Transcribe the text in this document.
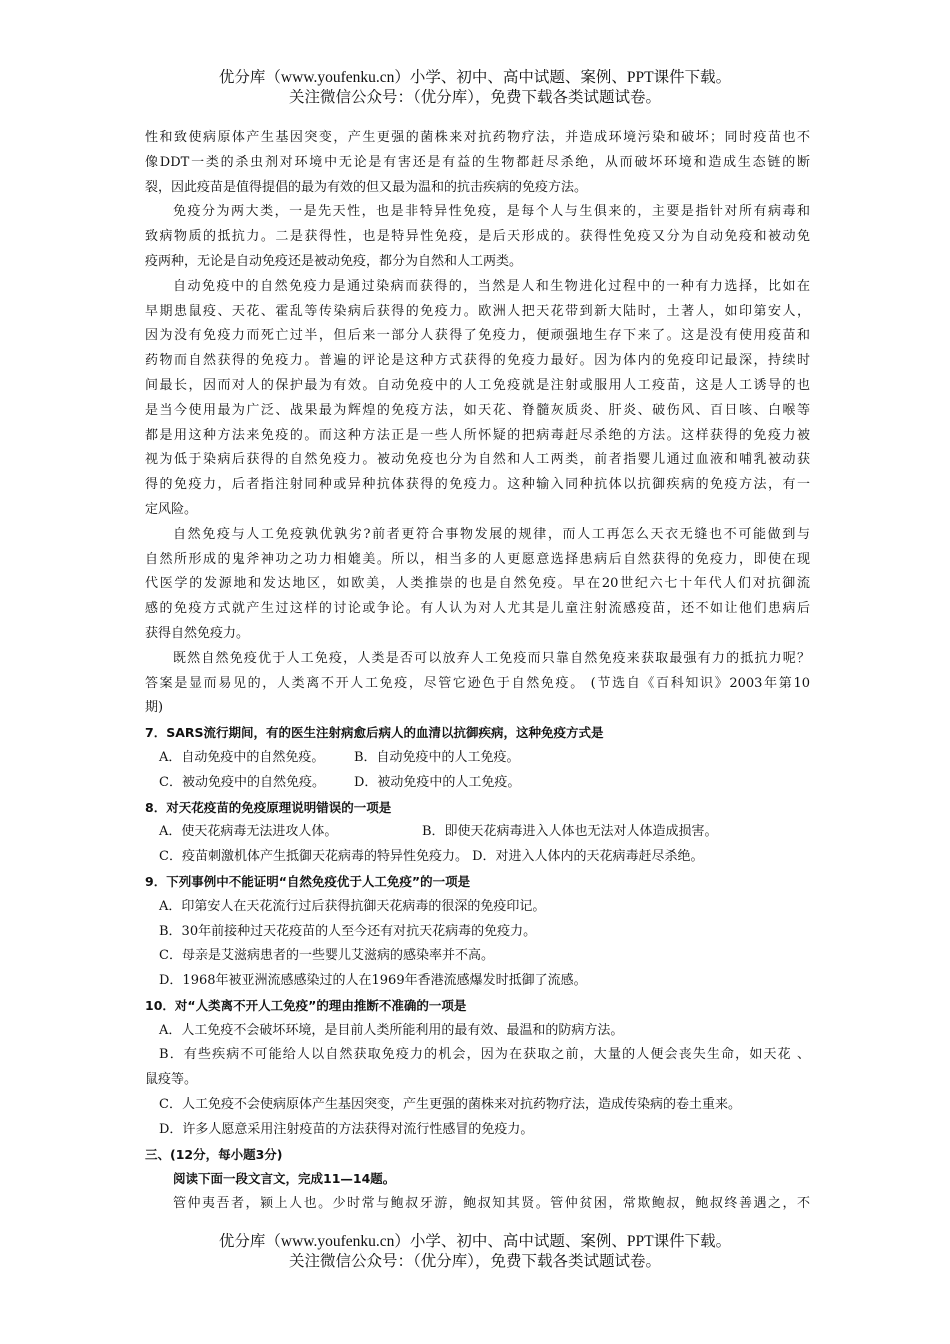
优分库（www.youfenku.cn）小学、初中、高中试题、案例、PPT课件下载。
关注微信公众号：（优分库），免费下载各类试题试卷。
性和致使病原体产生基因突变，产生更强的菌株来对抗药物疗法，并造成环境污染和破坏；同时疫苗也不
像DDT一类的杀虫剂对环境中无论是有害还是有益的生物都赶尽杀绝，从而破坏环境和造成生态链的断
裂，因此疫苗是值得提倡的最为有效的但又最为温和的抗击疾病的免疫方法。
免疫分为两大类，一是先天性，也是非特异性免疫，是每个人与生俱来的，主要是指针对所有病毒和
致病物质的抵抗力。二是获得性，也是特异性免疫，是后天形成的。获得性免疫又分为自动免疫和被动免
疫两种，无论是自动免疫还是被动免疫，都分为自然和人工两类。
自动免疫中的自然免疫力是通过染病而获得的，当然是人和生物进化过程中的一种有力选择，比如在
早期患鼠疫、天花、霍乱等传染病后获得的免疫力。欧洲人把天花带到新大陆时，土著人，如印第安人，
因为没有免疫力而死亡过半，但后来一部分人获得了免疫力，便顽强地生存下来了。这是没有使用疫苗和
药物而自然获得的免疫力。普遍的评论是这种方式获得的免疫力最好。因为体内的免疫印记最深，持续时
间最长，因而对人的保护最为有效。自动免疫中的人工免疫就是注射或服用人工疫苗，这是人工诱导的也
是当今使用最为广泛、战果最为辉煌的免疫方法，如天花、脊髓灰质炎、肝炎、破伤风、百日咳、白喉等
都是用这种方法来免疫的。而这种方法正是一些人所怀疑的把病毒赶尽杀绝的方法。这样获得的免疫力被
视为低于染病后获得的自然免疫力。被动免疫也分为自然和人工两类，前者指婴儿通过血液和哺乳被动获
得的免疫力，后者指注射同种或异种抗体获得的免疫力。这种输入同种抗体以抗御疾病的免疫方法，有一
定风险。
自然免疫与人工免疫孰优孰劣?前者更符合事物发展的规律，而人工再怎么天衣无缝也不可能做到与
自然所形成的鬼斧神功之功力相媲美。所以，相当多的人更愿意选择患病后自然获得的免疫力，即使在现
代医学的发源地和发达地区，如欧美，人类推崇的也是自然免疫。早在20世纪六七十年代人们对抗御流
感的免疫方式就产生过这样的讨论或争论。有人认为对人尤其是儿童注射流感疫苗，还不如让他们患病后
获得自然免疫力。
既然自然免疫优于人工免疫，人类是否可以放弃人工免疫而只靠自然免疫来获取最强有力的抵抗力呢？
答案是显而易见的，人类离不开人工免疫，尽管它逊色于自然免疫。 (节选自《百科知识》2003年第10
期)
7．SARS流行期间，有的医生注射病愈后病人的血清以抗御疾病，这种免疫方式是
A．自动免疫中的自然免疫。 B．自动免疫中的人工免疫。
C．被动免疫中的自然免疫。 D．被动免疫中的人工免疫。
8．对天花疫苗的免疫原理说明错误的一项是
A．使天花病毒无法进攻人体。	B．即使天花病毒进入人体也无法对人体造成损害。
C．疫苗刺激机体产生抵御天花病毒的特异性免疫力。 D．对进入人体内的天花病毒赶尽杀绝。
9．下列事例中不能证明“自然免疫优于人工免疫”的一项是
A．印第安人在天花流行过后获得抗御天花病毒的很深的免疫印记。
B．30年前接种过天花疫苗的人至今还有对抗天花病毒的免疫力。
C．母亲是艾滋病患者的一些婴儿艾滋病的感染率并不高。
D．1968年被亚洲流感感染过的人在1969年香港流感爆发时抵御了流感。
10．对“人类离不开人工免疫”的理由推断不准确的一项是
A．人工免疫不会破坏环境，是目前人类所能利用的最有效、最温和的防病方法。
B．有些疾病不可能给人以自然获取免疫力的机会，因为在获取之前，大量的人便会丧失生命，如天花 、
鼠疫等。
C．人工免疫不会使病原体产生基因突变，产生更强的菌株来对抗药物疗法，造成传染病的卷土重来。
D．许多人愿意采用注射疫苗的方法获得对流行性感冒的免疫力。
三、(12分，每小题3分)
阅读下面一段文言文，完成11—14题。
管仲夷吾者，颍上人也。少时常与鲍叔牙游，鲍叔知其贤。管仲贫困，常欺鲍叔，鲍叔终善遇之，不
优分库（www.youfenku.cn）小学、初中、高中试题、案例、PPT课件下载。
关注微信公众号：（优分库），免费下载各类试题试卷。
